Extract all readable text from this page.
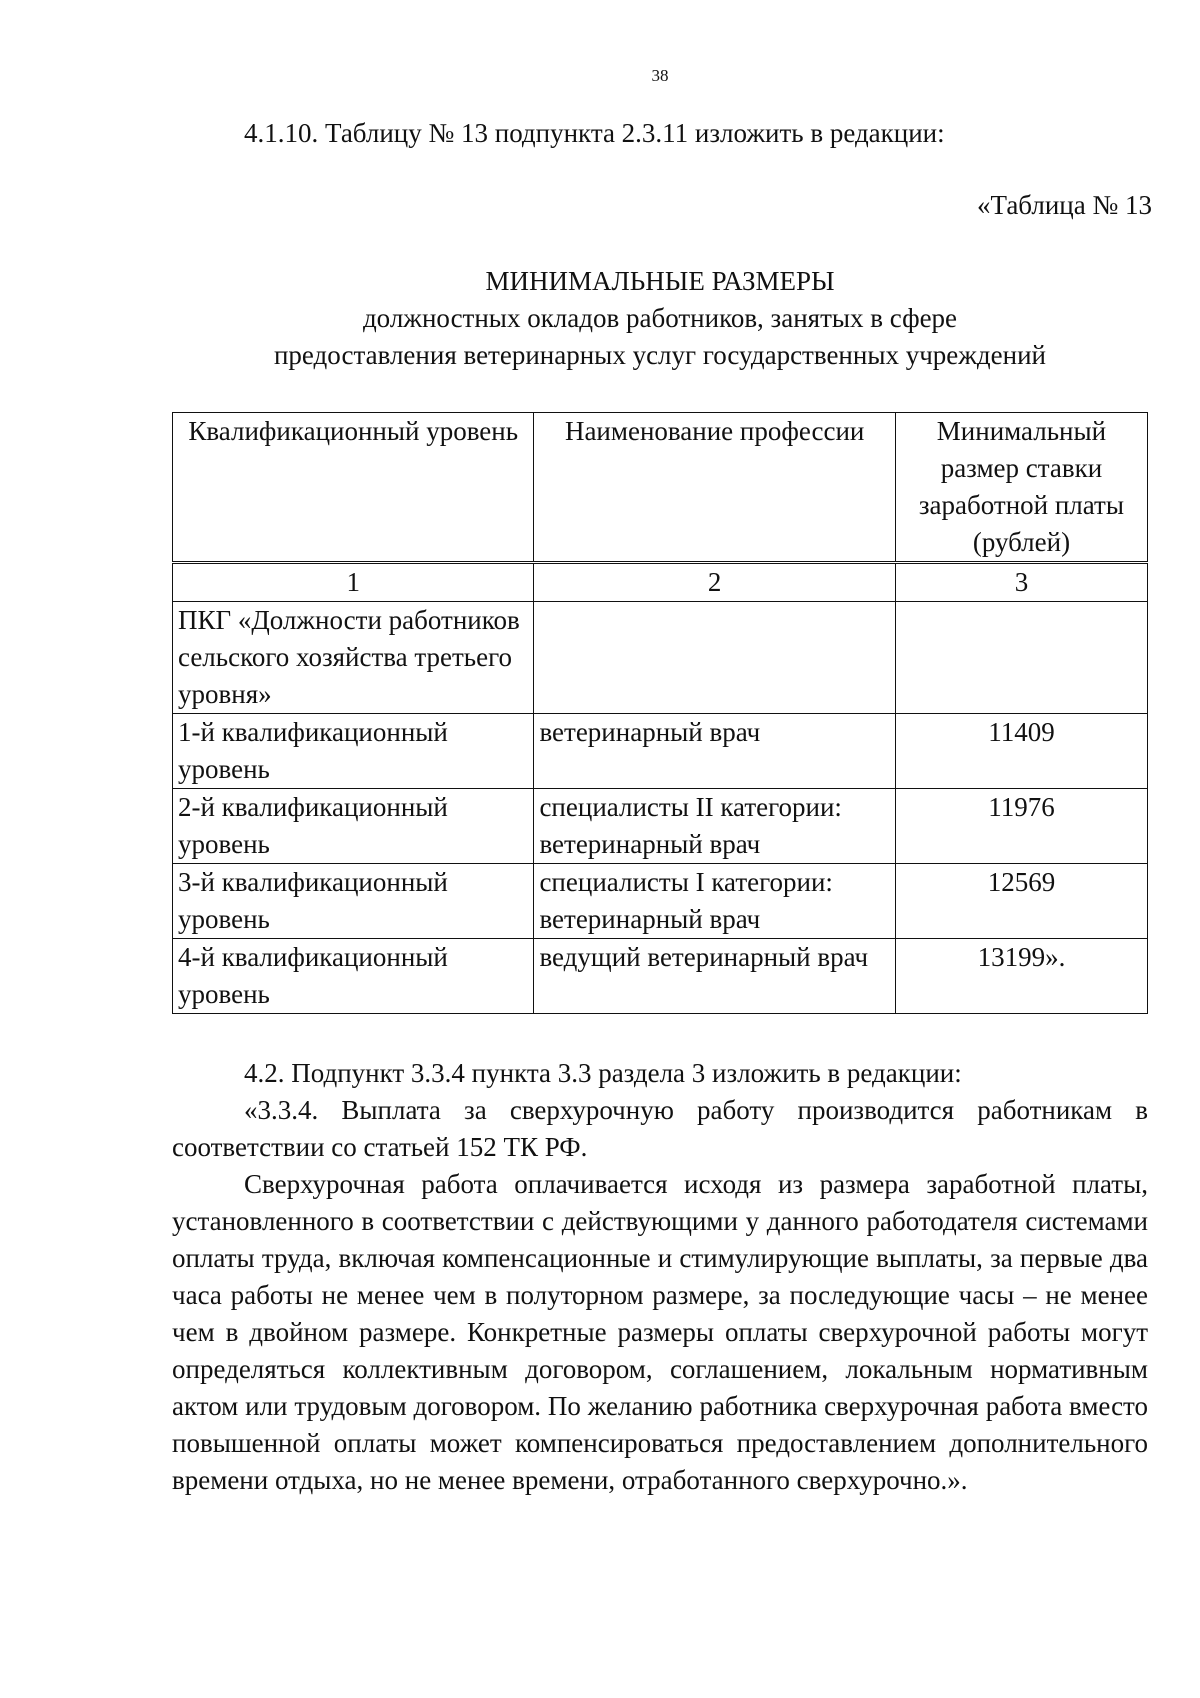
38
4.1.10. Таблицу № 13 подпункта 2.3.11 изложить в редакции:
«Таблица № 13
МИНИМАЛЬНЫЕ РАЗМЕРЫ
должностных окладов работников, занятых в сфере
предоставления ветеринарных услуг государственных учреждений
Квалификационный уровень	Наименование профессии	Минимальный размер ставки заработной платы (рублей)
1	2	3
ПКГ «Должности работников сельского хозяйства третьего уровня»		
1-й квалификационный уровень	ветеринарный врач	11409
2-й квалификационный уровень	специалисты II категории: ветеринарный врач	11976
3-й квалификационный уровень	специалисты I категории: ветеринарный врач	12569
4-й квалификационный уровень	ведущий ветеринарный врач	13199».
4.2. Подпункт 3.3.4 пункта 3.3 раздела 3 изложить в редакции:
«3.3.4. Выплата за сверхурочную работу производится работникам в соответствии со статьей 152 ТК РФ.
Сверхурочная работа оплачивается исходя из размера заработной платы, установленного в соответствии с действующими у данного работодателя системами оплаты труда, включая компенсационные и стимулирующие выплаты, за первые два часа работы не менее чем в полуторном размере, за последующие часы – не менее чем в двойном размере. Конкретные размеры оплаты сверхурочной работы могут определяться коллективным договором, соглашением, локальным нормативным актом или трудовым договором. По желанию работника сверхурочная работа вместо повышенной оплаты может компенсироваться предоставлением дополнительного времени отдыха, но не менее времени, отработанного сверхурочно.».
